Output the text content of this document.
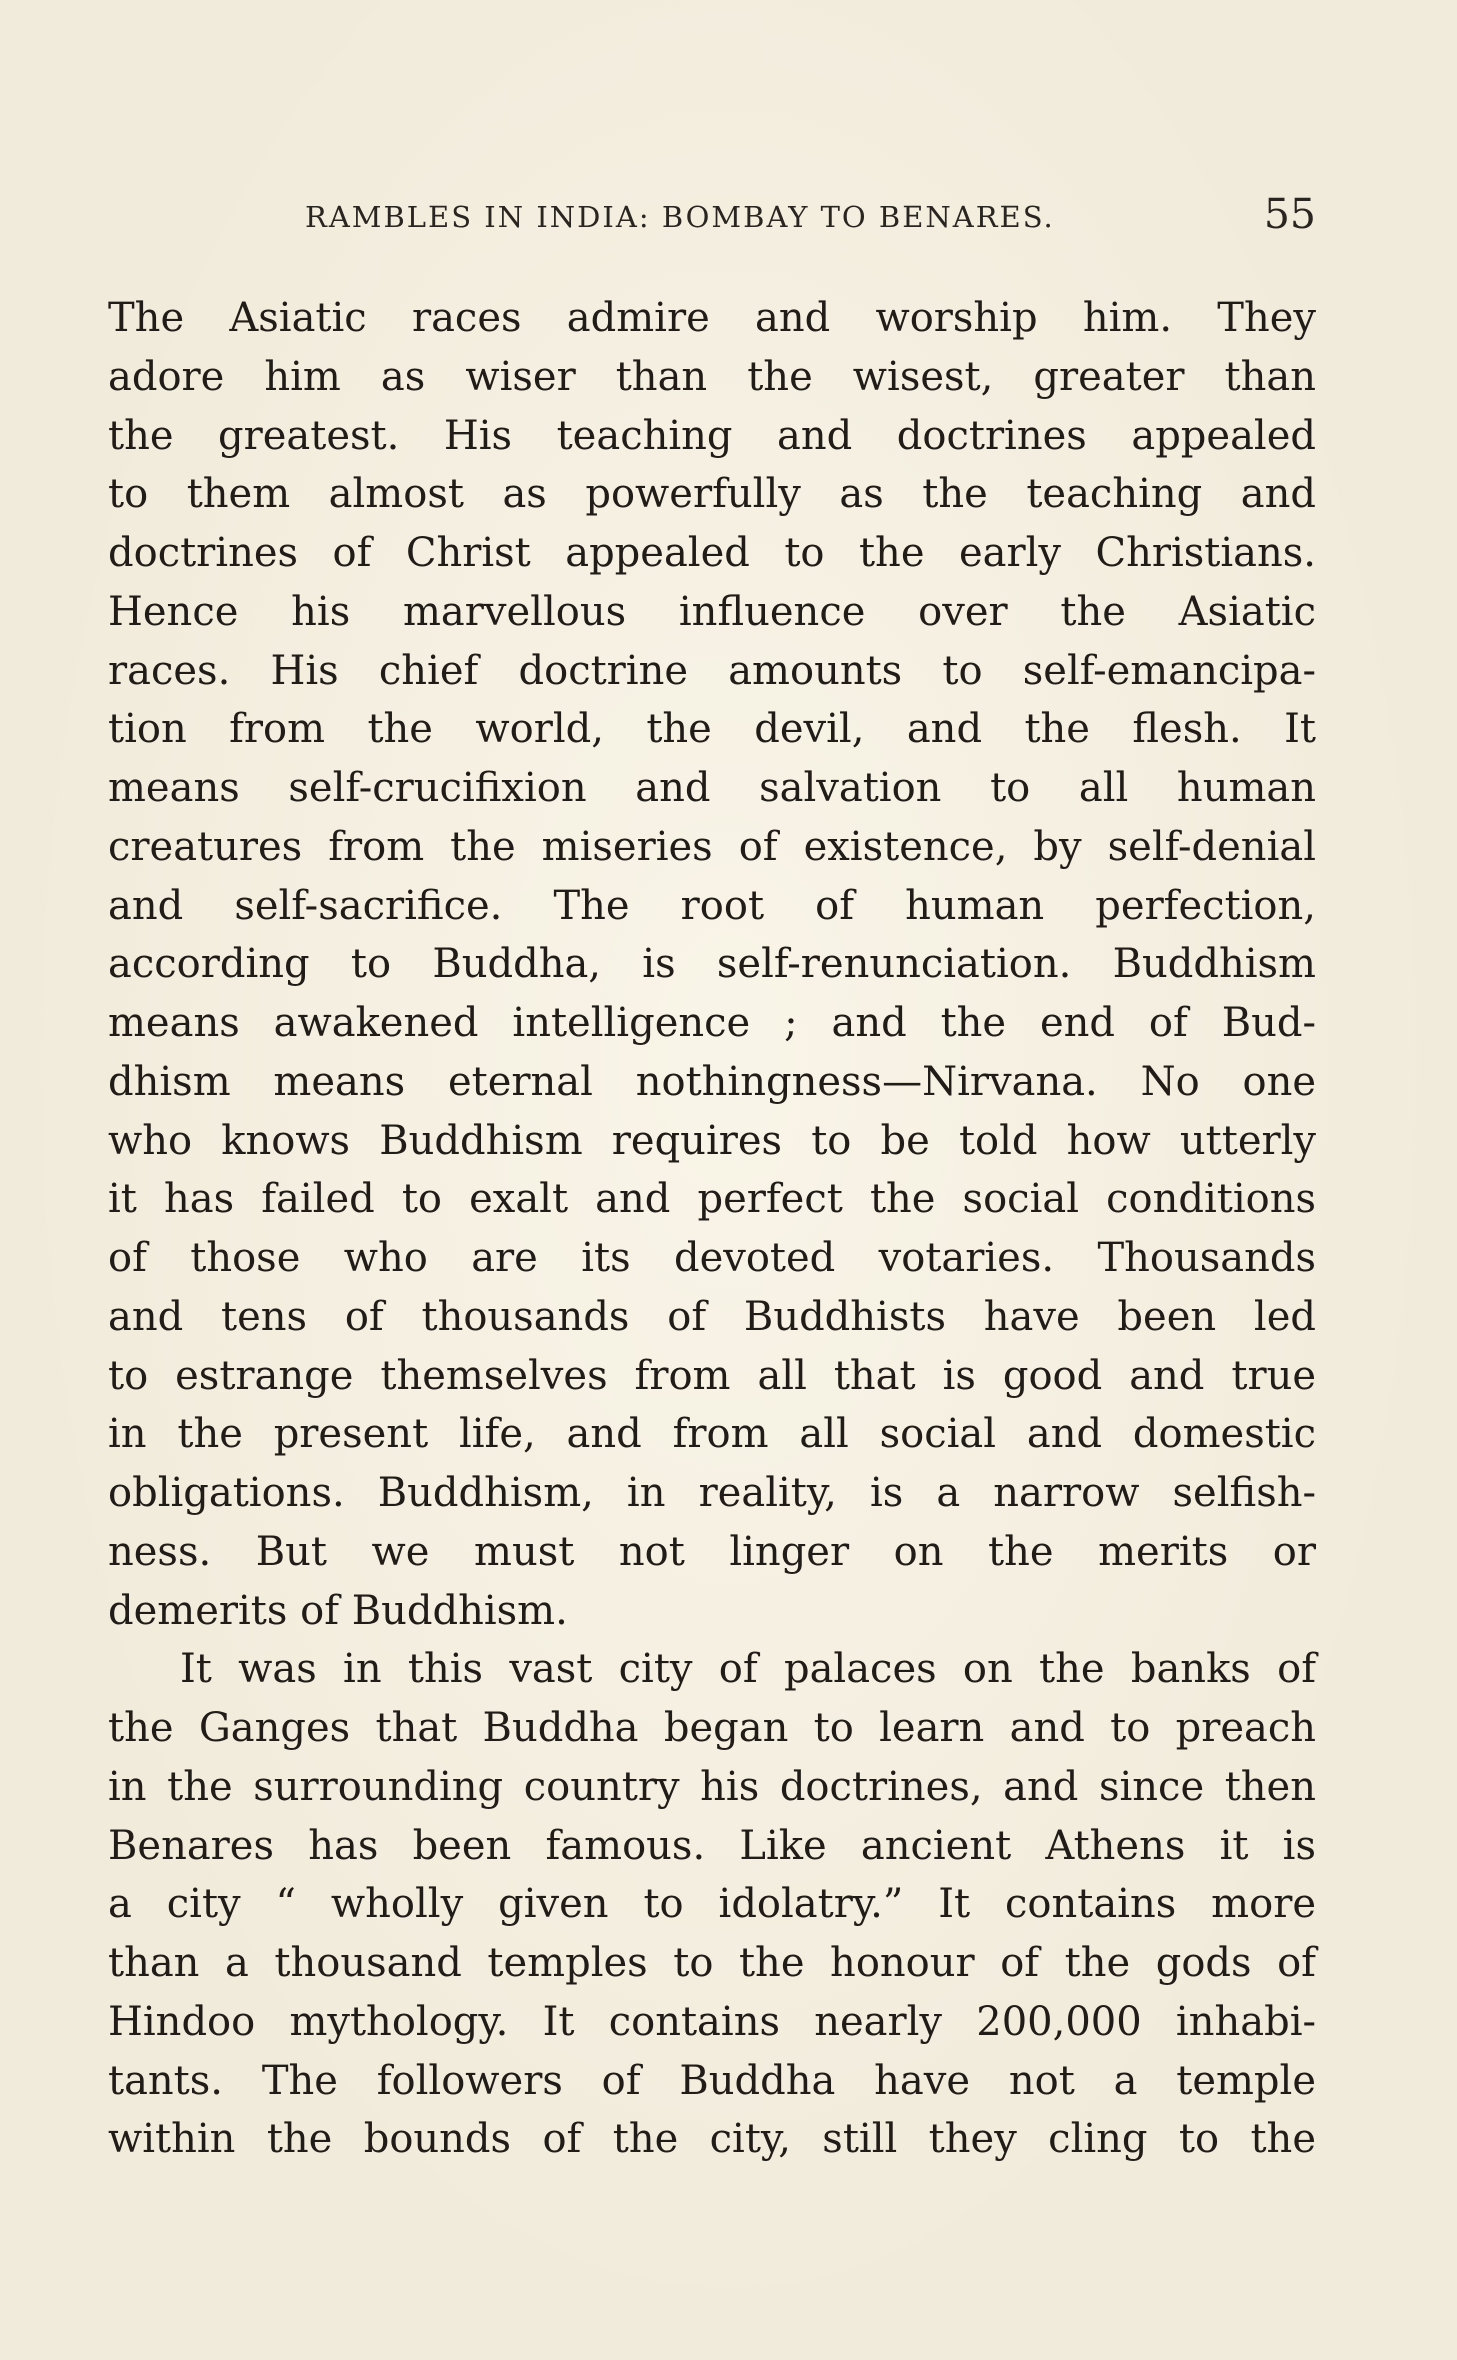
RAMBLES IN INDIA: BOMBAY TO BENARES.	55
The Asiatic races admire and worship him. They
adore him as wiser than the wisest, greater than
the greatest. His teaching and doctrines appealed
to them almost as powerfully as the teaching and
doctrines of Christ appealed to the early Christians.
Hence his marvellous influence over the Asiatic
races. His chief doctrine amounts to self-emancipa-
tion from the world, the devil, and the flesh. It
means self-crucifixion and salvation to all human
creatures from the miseries of existence, by self-denial
and self-sacrifice. The root of human perfection,
according to Buddha, is self-renunciation. Buddhism
means awakened intelligence ; and the end of Bud-
dhism means eternal nothingness—Nirvana. No one
who knows Buddhism requires to be told how utterly
it has failed to exalt and perfect the social conditions
of those who are its devoted votaries. Thousands
and tens of thousands of Buddhists have been led
to estrange themselves from all that is good and true
in the present life, and from all social and domestic
obligations. Buddhism, in reality, is a narrow selfish-
ness. But we must not linger on the merits or
demerits of Buddhism.
It was in this vast city of palaces on the banks of
the Ganges that Buddha began to learn and to preach
in the surrounding country his doctrines, and since then
Benares has been famous. Like ancient Athens it is
a city “ wholly given to idolatry.” It contains more
than a thousand temples to the honour of the gods of
Hindoo mythology. It contains nearly 200,000 inhabi-
tants. The followers of Buddha have not a temple
within the bounds of the city, still they cling to the
